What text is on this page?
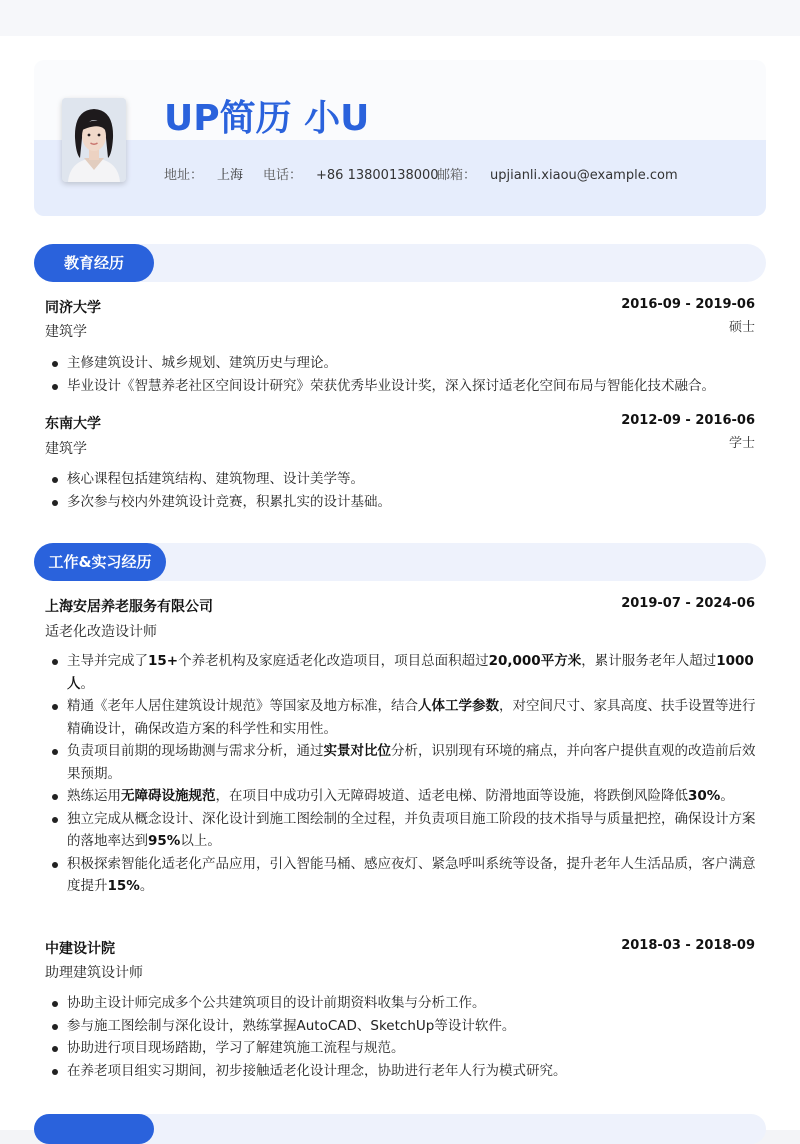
UP简历 小U
地址： 上海 电话： +86 13800138000
邮箱： upjianli.xiaou@example.com
教育经历
同济大学	2016-09 - 2019-06
建筑学	硕士
主修建筑设计、城乡规划、建筑历史与理论。
毕业设计《智慧养老社区空间设计研究》荣获优秀毕业设计奖，深入探讨适老化空间布局与智能化技术融合。
东南大学	2012-09 - 2016-06
建筑学	学士
核心课程包括建筑结构、建筑物理、设计美学等。
多次参与校内外建筑设计竞赛，积累扎实的设计基础。
工作&实习经历
上海安居养老服务有限公司	2019-07 - 2024-06
适老化改造设计师
主导并完成了15+个养老机构及家庭适老化改造项目，项目总面积超过20,000平方米，累计服务老年人超过1000人。
精通《老年人居住建筑设计规范》等国家及地方标准，结合人体工学参数，对空间尺寸、家具高度、扶手设置等进行精确设计，确保改造方案的科学性和实用性。
负责项目前期的现场勘测与需求分析，通过实景对比位分析，识别现有环境的痛点，并向客户提供直观的改造前后效果预期。
熟练运用无障碍设施规范，在项目中成功引入无障碍坡道、适老电梯、防滑地面等设施，将跌倒风险降低30%。
独立完成从概念设计、深化设计到施工图绘制的全过程，并负责项目施工阶段的技术指导与质量把控，确保设计方案的落地率达到95%以上。
积极探索智能化适老化产品应用，引入智能马桶、感应夜灯、紧急呼叫系统等设备，提升老年人生活品质，客户满意度提升15%。
中建设计院	2018-03 - 2018-09
助理建筑设计师
协助主设计师完成多个公共建筑项目的设计前期资料收集与分析工作。
参与施工图绘制与深化设计，熟练掌握AutoCAD、SketchUp等设计软件。
协助进行项目现场踏勘，学习了解建筑施工流程与规范。
在养老项目组实习期间，初步接触适老化设计理念，协助进行老年人行为模式研究。
